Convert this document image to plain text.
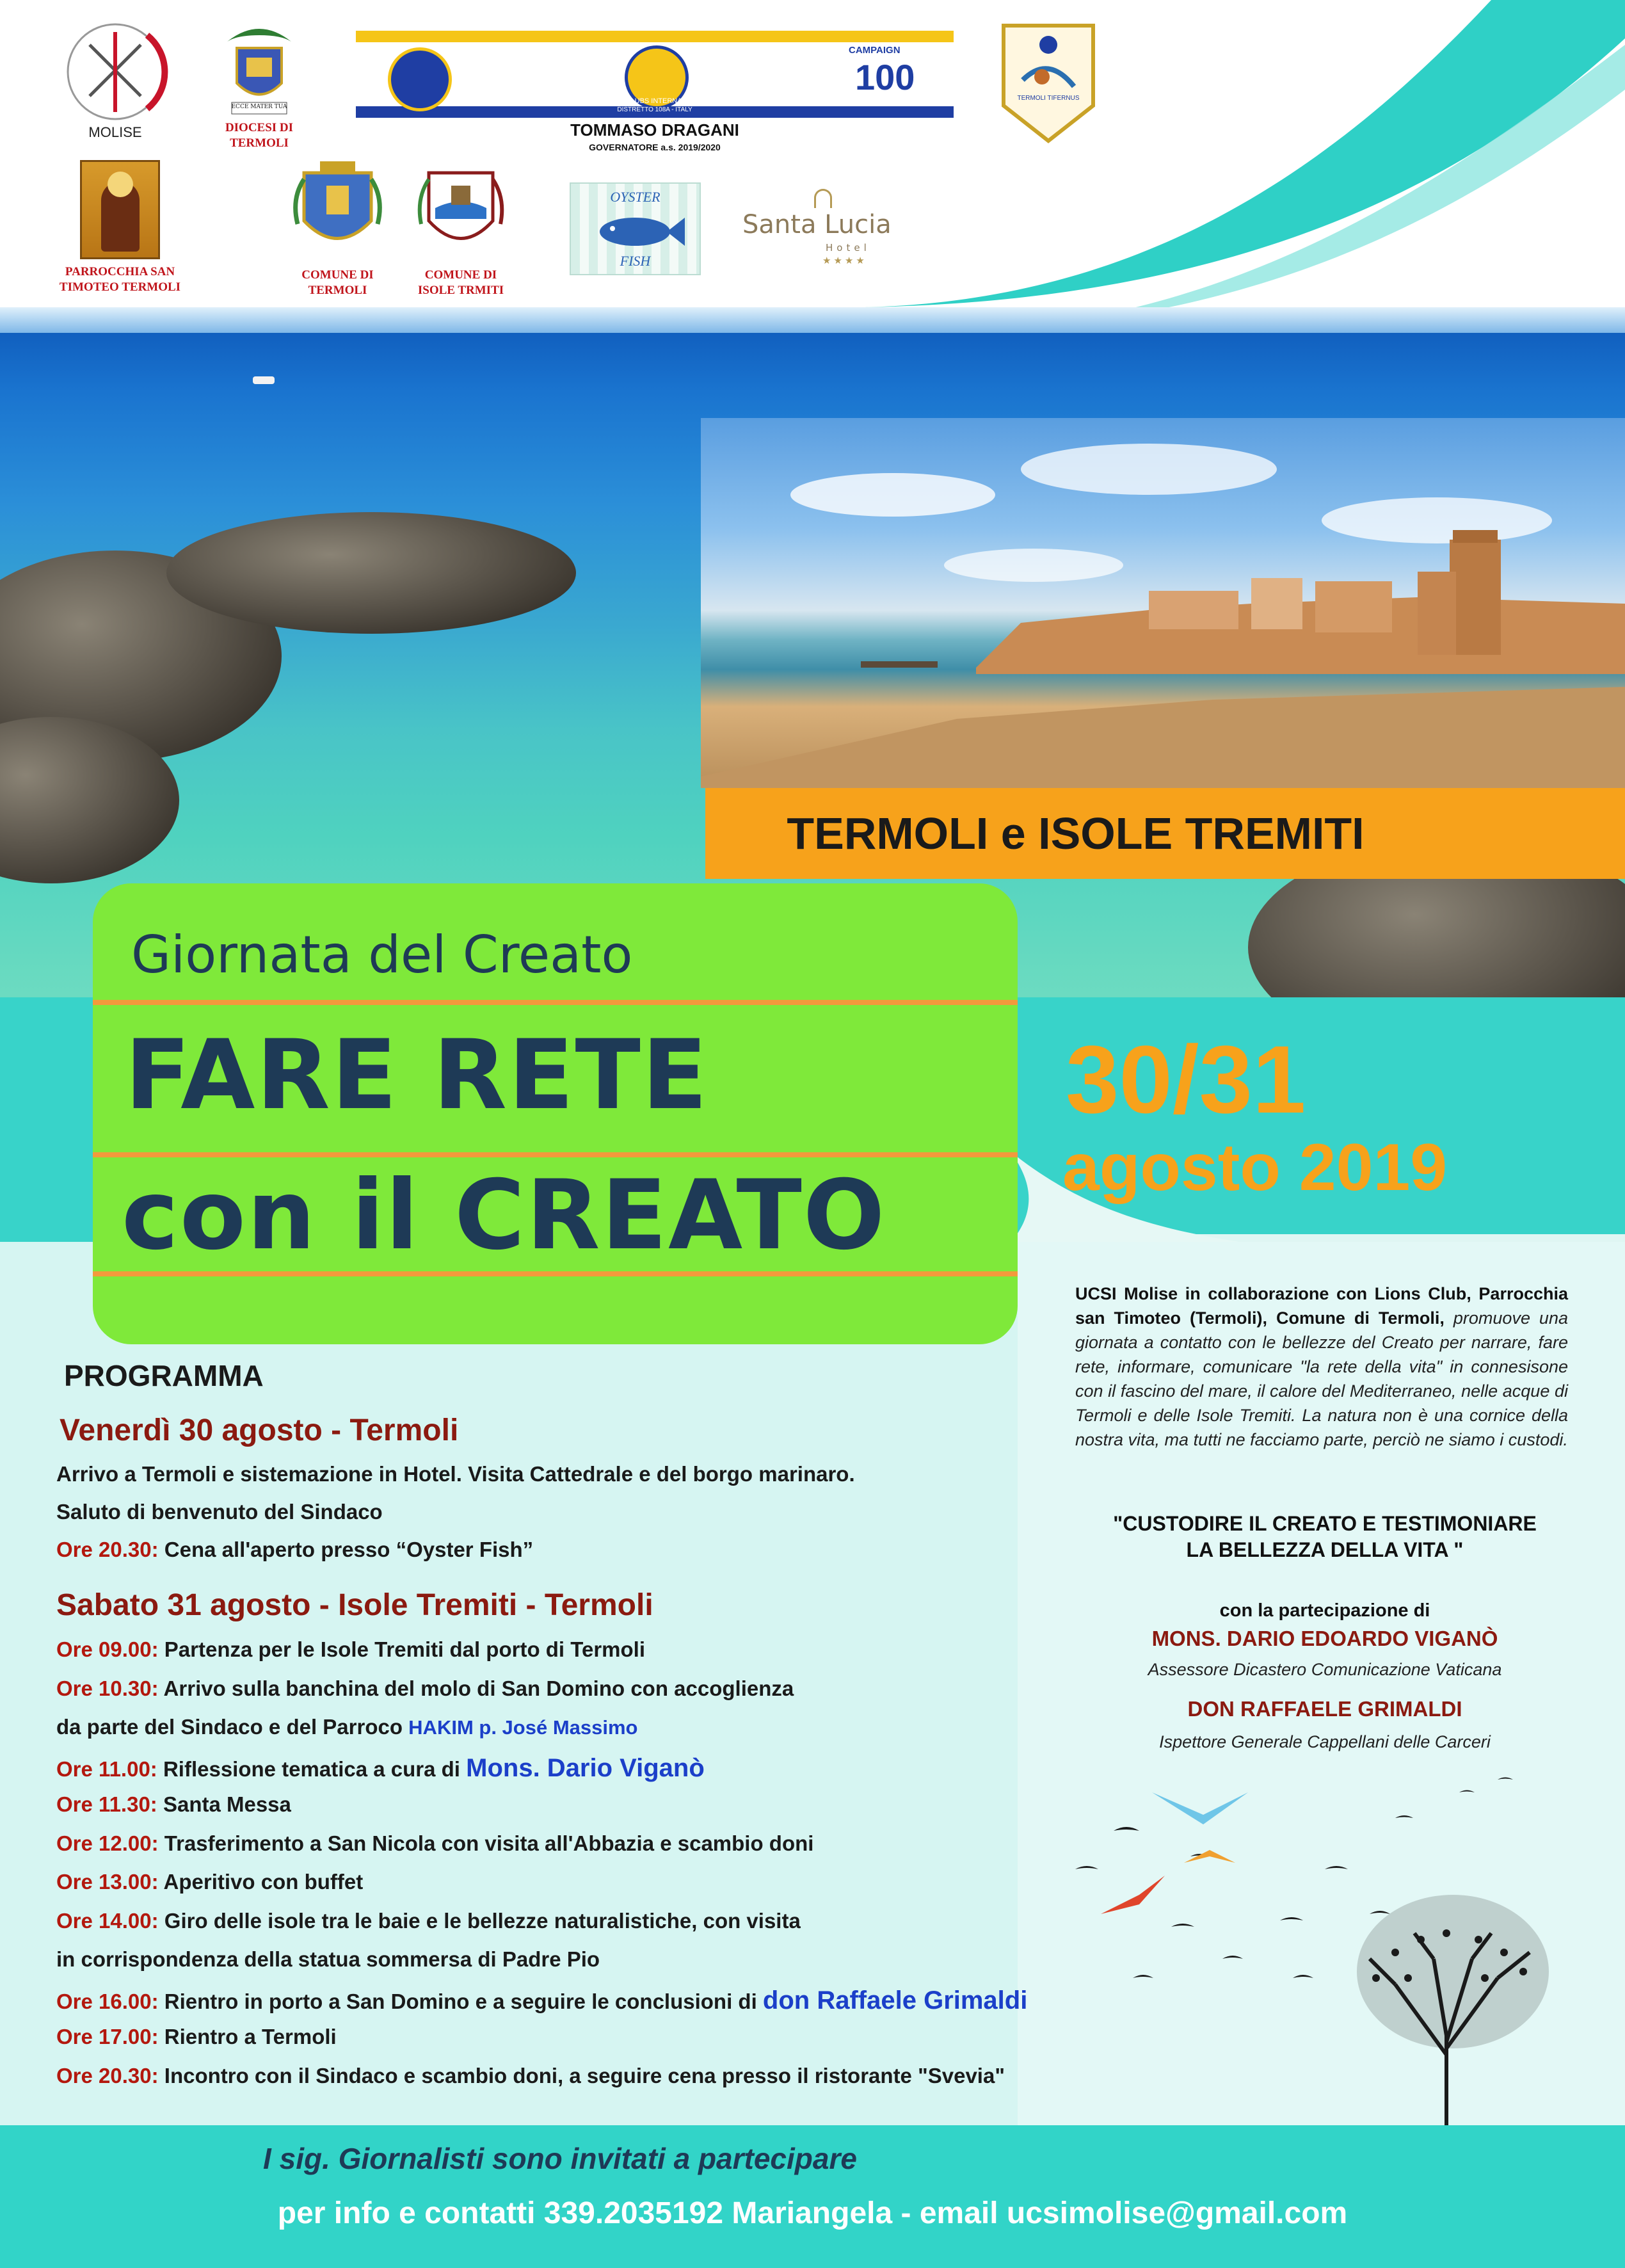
TERMOLI e ISOLE TREMITI
Giornata del Creato
FARE RETE
con il CREATO
30/31
agosto 2019
MOLISE
ECCE MATER TUA
DIOCESI DI TERMOLI
CAMPAIGN
100
LIONS CLUBS INTERNATIONAL
DISTRETTO 108A - ITALY
TOMMASO DRAGANI
GOVERNATORE a.s. 2019/2020
TERMOLI TIFERNUS
PARROCCHIA SAN TIMOTEO TERMOLI
COMUNE DI TERMOLI
COMUNE DI ISOLE TRMITI
OYSTER
FISH
Santa Lucia
Hotel
★★★★
UCSI Molise in collaborazione con Lions Club, Parrocchia san Timoteo (Termoli), Comune di Termoli, promuove una giornata a contatto con le bellezze del Creato per narrare, fare rete, informare, comunicare "la rete della vita" in connesisone con il fascino del mare, il calore del Mediterraneo, nelle acque di Termoli e delle Isole Tremiti. La natura non è una cornice della nostra vita, ma tutti ne facciamo parte, perciò ne siamo i custodi.
"CUSTODIRE IL CREATO E TESTIMONIARE
LA BELLEZZA DELLA VITA "
con la partecipazione di
MONS. DARIO EDOARDO VIGANÒ
Assessore Dicastero Comunicazione Vaticana
DON RAFFAELE GRIMALDI
Ispettore Generale Cappellani delle Carceri
PROGRAMMA
Venerdì 30 agosto - Termoli
Arrivo a Termoli e sistemazione in Hotel. Visita Cattedrale e del borgo marinaro.
Saluto di benvenuto del Sindaco
Ore 20.30: Cena all'aperto presso “Oyster Fish”
Sabato 31 agosto - Isole Tremiti - Termoli
Ore 09.00: Partenza per le Isole Tremiti dal porto di Termoli
Ore 10.30: Arrivo sulla banchina del molo di San Domino con accoglienza
da parte del Sindaco e del Parroco HAKIM p. José Massimo
Ore 11.00: Riflessione tematica a cura di Mons. Dario Viganò
Ore 11.30: Santa Messa
Ore 12.00: Trasferimento a San Nicola con visita all'Abbazia e scambio doni
Ore 13.00: Aperitivo con buffet
Ore 14.00: Giro delle isole tra le baie e le bellezze naturalistiche, con visita
in corrispondenza della statua sommersa di Padre Pio
Ore 16.00: Rientro in porto a San Domino e a seguire le conclusioni di don Raffaele Grimaldi
Ore 17.00: Rientro a Termoli
Ore 20.30: Incontro con il Sindaco e scambio doni, a seguire cena presso il ristorante "Svevia"
I sig. Giornalisti sono invitati a partecipare
per info e contatti 339.2035192 Mariangela - email ucsimolise@gmail.com
